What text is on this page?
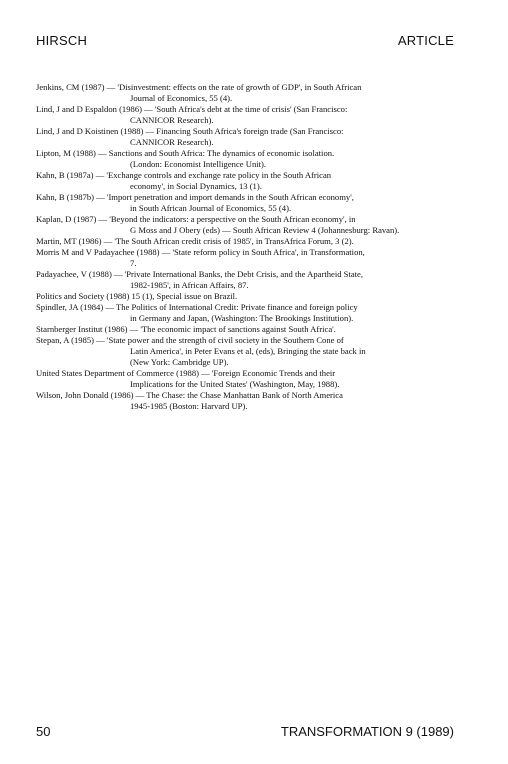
HIRSCH	ARTICLE
Jenkins, CM (1987) — 'Disinvestment: effects on the rate of growth of GDP', in South African
Journal of Economics, 55 (4).
Lind, J and D Espaldon (1986) — 'South Africa's debt at the time of crisis' (San Francisco:
CANNICOR Research).
Lind, J and D Koistinen (1988) — Financing South Africa's foreign trade (San Francisco:
CANNICOR Research).
Lipton, M (1988) — Sanctions and South Africa: The dynamics of economic isolation.
(London: Economist Intelligence Unit).
Kahn, B (1987a) — 'Exchange controls and exchange rate policy in the South African
economy', in Social Dynamics, 13 (1).
Kahn, B (1987b) — 'Import penetration and import demands in the South African economy',
in South African Journal of Economics, 55 (4).
Kaplan, D (1987) — 'Beyond the indicators: a perspective on the South African economy', in
G Moss and J Obery (eds) — South African Review 4 (Johannesburg: Ravan).
Martin, MT (1986) — 'The South African credit crisis of 1985', in TransAfrica Forum, 3 (2).
Morris M and V Padayachee (1988) — 'State reform policy in South Africa', in Transformation,
7.
Padayachee, V (1988) — 'Private International Banks, the Debt Crisis, and the Apartheid State,
1982-1985', in African Affairs, 87.
Politics and Society (1988) 15 (1), Special issue on Brazil.
Spindler, JA (1984) — The Politics of International Credit: Private finance and foreign policy
in Germany and Japan, (Washington: The Brookings Institution).
Starnberger Institut (1986) — 'The economic impact of sanctions against South Africa'.
Stepan, A (1985) — 'State power and the strength of civil society in the Southern Cone of
Latin America', in Peter Evans et al, (eds), Bringing the state back in
(New York: Cambridge UP).
United States Department of Commerce (1988) — 'Foreign Economic Trends and their
Implications for the United States' (Washington, May, 1988).
Wilson, John Donald (1986) — The Chase: the Chase Manhattan Bank of North America
1945-1985 (Boston: Harvard UP).
50	TRANSFORMATION 9 (1989)
